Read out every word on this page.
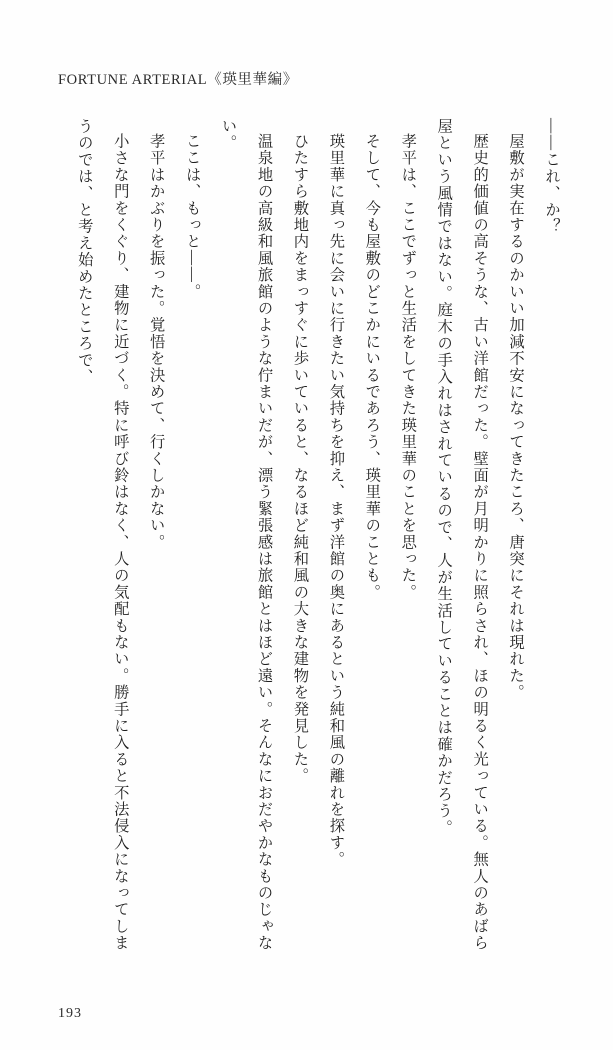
FORTUNE ARTERIAL《瑛里華編》

――これ、か？

屋敷が実在するのかいい加減不安になってきたころ、唐突にそれは現れた。

歴史的価値の高そうな、古い洋館だった。壁面が月明かりに照らされ、ほの明るく光っている。無人のあばら屋という風情ではない。庭木の手入れはされているので、人が生活していることは確かだろう。

孝平は、ここでずっと生活をしてきた瑛里華のことを思った。

そして、今も屋敷のどこかにいるであろう、瑛里華のことも。

瑛里華に真っ先に会いに行きたい気持ちを抑え、まず洋館の奥にあるという純和風の離れを探す。

ひたすら敷地内をまっすぐに歩いていると、なるほど純和風の大きな建物を発見した。

温泉地の高級和風旅館のような佇まいだが、漂う緊張感は旅館とはほど遠い。そんなにおだやかなものじゃない。

ここは、もっと――。

孝平はかぶりを振った。覚悟を決めて、行くしかない。

小さな門をくぐり、建物に近づく。特に呼び鈴はなく、人の気配もない。勝手に入ると不法侵入になってしまうのでは、と考え始めたところで、

193
